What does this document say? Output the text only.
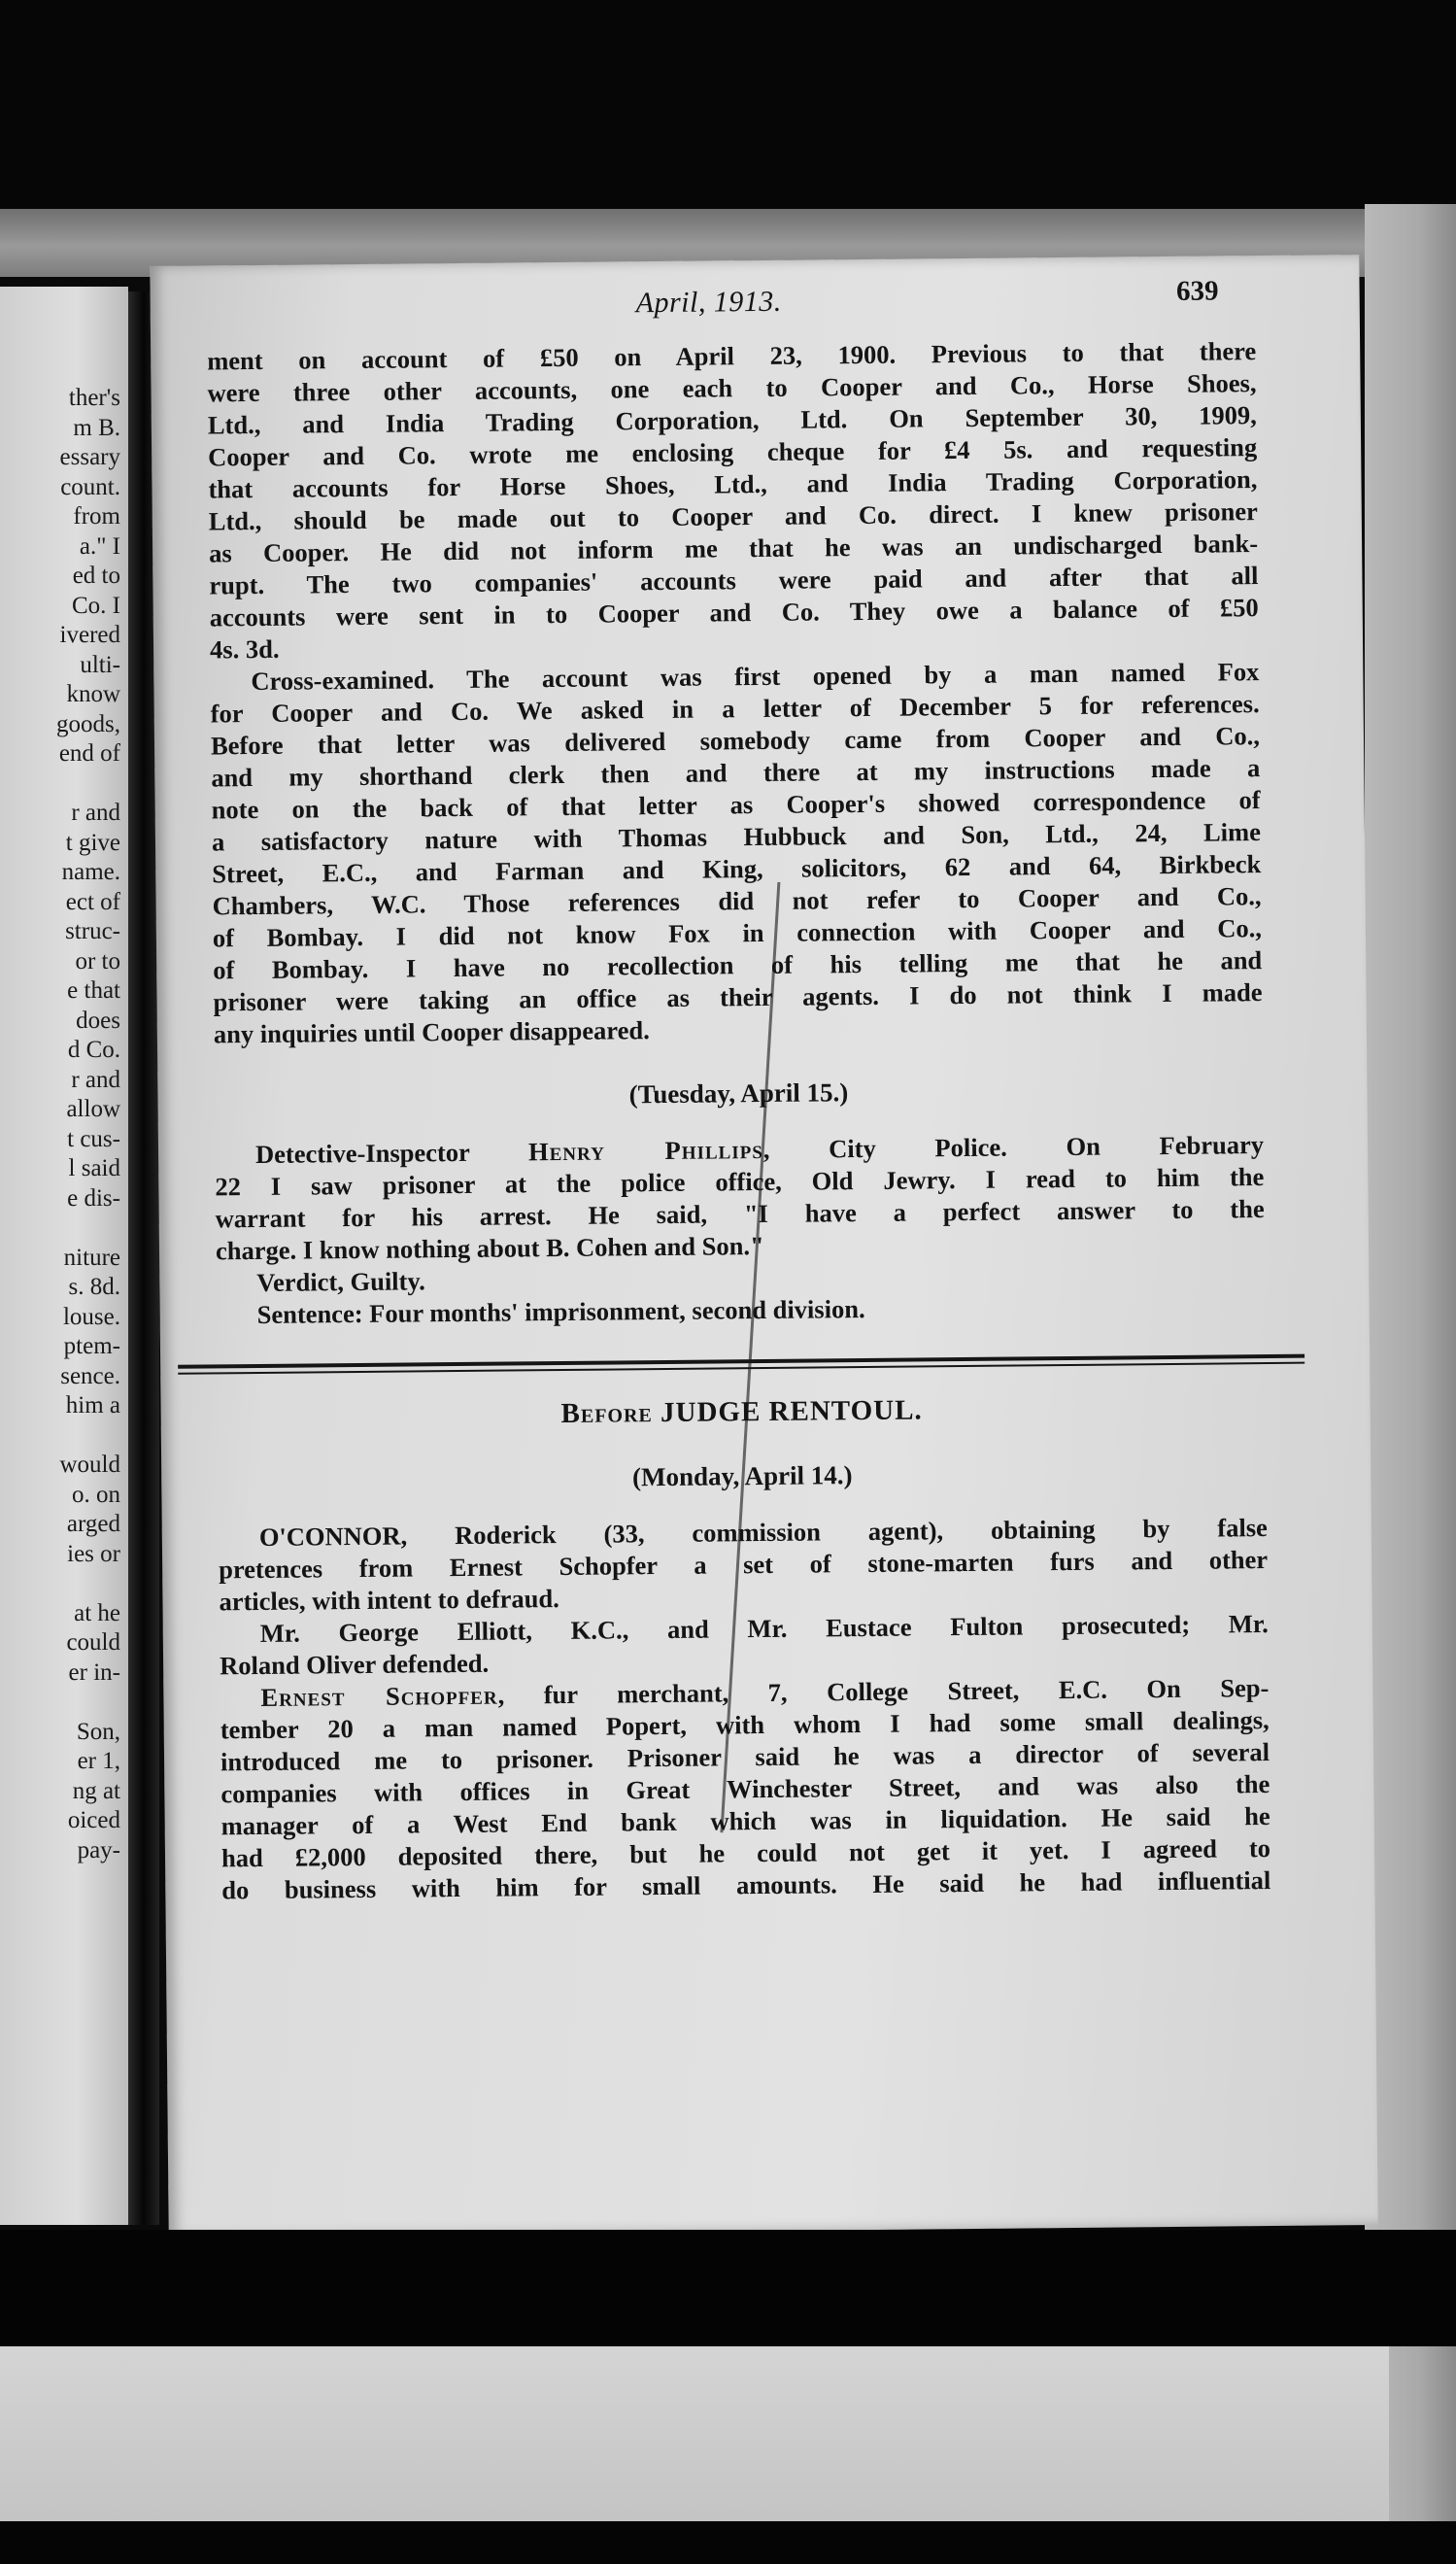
ther's
m B.
essary
count.
from
a." I
ed to
Co. I
ivered
ulti-
know
goods,
end of

r and
t give
name.
ect of
struc-
or to
e that
does
d Co.
r and
allow
t cus-
l said
e dis-

niture
s. 8d.
louse.
ptem-
sence.
him a

would
o. on
arged
ies or

at he
could
er in-

Son,
er 1,
ng at
oiced
pay-
April, 1913.	639
ment on account of £50 on April 23, 1900. Previous to that there
were three other accounts, one each to Cooper and Co., Horse Shoes,
Ltd., and India Trading Corporation, Ltd. On September 30, 1909,
Cooper and Co. wrote me enclosing cheque for £4 5s. and requesting
that accounts for Horse Shoes, Ltd., and India Trading Corporation,
Ltd., should be made out to Cooper and Co. direct. I knew prisoner
as Cooper. He did not inform me that he was an undischarged bank-
rupt. The two companies' accounts were paid and after that all
accounts were sent in to Cooper and Co. They owe a balance of £50
4s. 3d.
Cross-examined. The account was first opened by a man named Fox
for Cooper and Co. We asked in a letter of December 5 for references.
Before that letter was delivered somebody came from Cooper and Co.,
and my shorthand clerk then and there at my instructions made a
note on the back of that letter as Cooper's showed correspondence of
a satisfactory nature with Thomas Hubbuck and Son, Ltd., 24, Lime
Street, E.C., and Farman and King, solicitors, 62 and 64, Birkbeck
Chambers, W.C. Those references did not refer to Cooper and Co.,
of Bombay. I did not know Fox in connection with Cooper and Co.,
of Bombay. I have no recollection of his telling me that he and
prisoner were taking an office as their agents. I do not think I made
any inquiries until Cooper disappeared.
(Tuesday, April 15.)
Detective-Inspector Henry Phillips, City Police. On February
22 I saw prisoner at the police office, Old Jewry. I read to him the
warrant for his arrest. He said, "I have a perfect answer to the
charge. I know nothing about B. Cohen and Son."
Verdict, Guilty.
Sentence: Four months' imprisonment, second division.
Before JUDGE RENTOUL.
(Monday, April 14.)
O'CONNOR, Roderick (33, commission agent), obtaining by false
pretences from Ernest Schopfer a set of stone-marten furs and other
articles, with intent to defraud.
Mr. George Elliott, K.C., and Mr. Eustace Fulton prosecuted; Mr.
Roland Oliver defended.
Ernest Schopfer, fur merchant, 7, College Street, E.C. On Sep-
tember 20 a man named Popert, with whom I had some small dealings,
introduced me to prisoner. Prisoner said he was a director of several
companies with offices in Great Winchester Street, and was also the
manager of a West End bank which was in liquidation. He said he
had £2,000 deposited there, but he could not get it yet. I agreed to
do business with him for small amounts. He said he had influential
